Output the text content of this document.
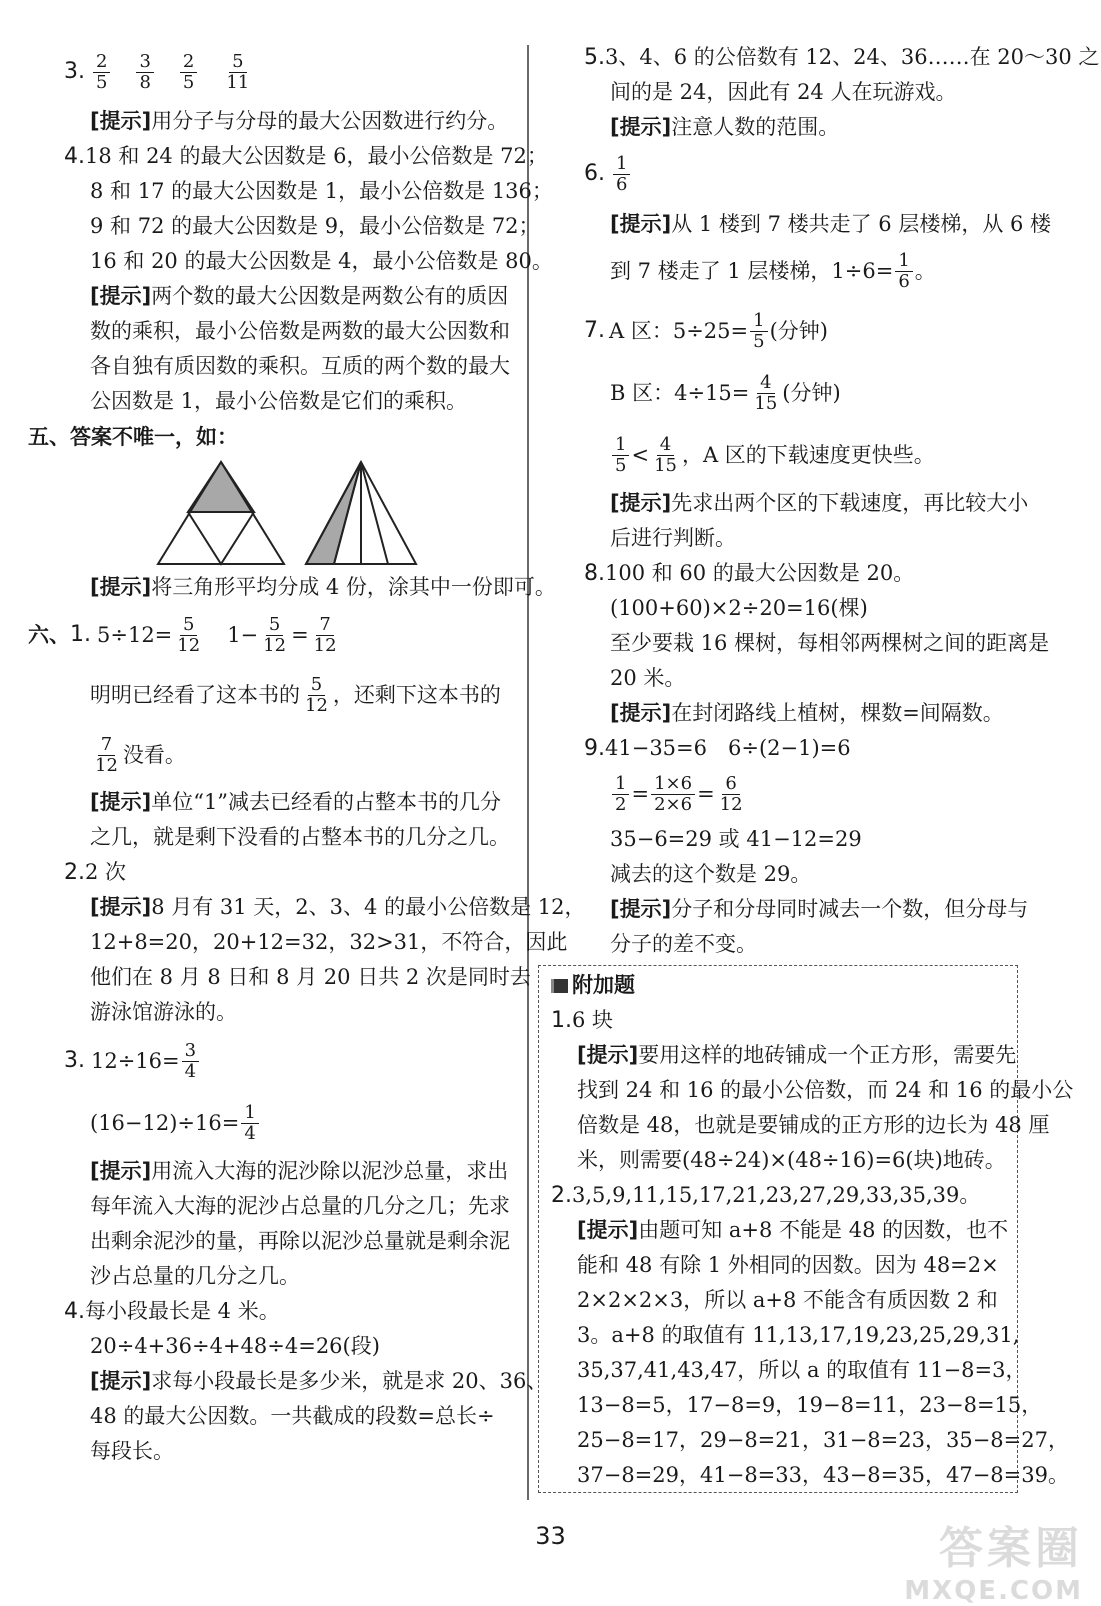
3. $\frac{2}{5} \frac{3}{8} \frac{2}{5} \frac{5}{11}$
[提示]用分子与分母的最大公因数进行约分。
4.18 和 24 的最大公因数是 6，最小公倍数是 72；
8 和 17 的最大公因数是 1，最小公倍数是 136；
9 和 72 的最大公因数是 9，最小公倍数是 72；
16 和 20 的最大公因数是 4，最小公倍数是 80。
[提示]两个数的最大公因数是两数公有的质因
数的乘积，最小公倍数是两数的最大公因数和
各自独有质因数的乘积。互质的两个数的最大
公因数是 1，最小公倍数是它们的乘积。
五、答案不唯一，如：
[提示]将三角形平均分成 4 份，涂其中一份即可。
六、 1. $5\div 12= \frac{5}{12} 1- \frac{5}{12} = \frac{7}{12}$
明明已经看了这本书的 $\frac{5}{12}$ ，还剩下这本书的
$\frac{7}{12}$ 没看。
[提示]单位“1”减去已经看的占整本书的几分
之几，就是剩下没看的占整本书的几分之几。
2.2 次
[提示]8 月有 31 天，2、3、4 的最小公倍数是 12，
12+8=20，20+12=32，32>31，不符合，因此
他们在 8 月 8 日和 8 月 20 日共 2 次是同时去
游泳馆游泳的。
3. $12\div 16= \frac{3}{4}$
$(16-12)\div 16= \frac{1}{4}$
[提示]用流入大海的泥沙除以泥沙总量，求出
每年流入大海的泥沙占总量的几分之几；先求
出剩余泥沙的量，再除以泥沙总量就是剩余泥
沙占总量的几分之几。
4.每小段最长是 4 米。
20÷4+36÷4+48÷4=26(段)
[提示]求每小段最长是多少米，就是求 20、36、
48 的最大公因数。一共截成的段数=总长÷
每段长。
5.3、4、6 的公倍数有 12、24、36……在 20～30 之
间的是 24，因此有 24 人在玩游戏。
[提示]注意人数的范围。
6. $\frac{1}{6}$
[提示]从 1 楼到 7 楼共走了 6 层楼梯，从 6 楼
到 7 楼走了 1 层楼梯，$1\div 6= \frac{1}{6}$ 。
7. A 区：$5\div 25= \frac{1}{5}$ (分钟)
B 区：$4\div 15= \frac{4}{15}$ (分钟)
$\frac{1}{5} < \frac{4}{15}$ ，A 区的下载速度更快些。
[提示]先求出两个区的下载速度，再比较大小
后进行判断。
8.100 和 60 的最大公因数是 20。
(100+60)×2÷20=16(棵)
至少要栽 16 棵树，每相邻两棵树之间的距离是
20 米。
[提示]在封闭路线上植树，棵数=间隔数。
9.41−35=6　6÷(2−1)=6
$\frac{1}{2} = \frac{1\times 6}{2\times 6} = \frac{6}{12}$
35−6=29 或 41−12=29
减去的这个数是 29。
[提示]分子和分母同时减去一个数，但分母与
分子的差不变。
附加题
1.6 块
[提示]要用这样的地砖铺成一个正方形，需要先
找到 24 和 16 的最小公倍数，而 24 和 16 的最小公
倍数是 48，也就是要铺成的正方形的边长为 48 厘
米，则需要(48÷24)×(48÷16)=6(块)地砖。
2.3,5,9,11,15,17,21,23,27,29,33,35,39。
[提示]由题可知 a+8 不能是 48 的因数，也不
能和 48 有除 1 外相同的因数。因为 48=2×
2×2×2×3，所以 a+8 不能含有质因数 2 和
3。a+8 的取值有 11,13,17,19,23,25,29,31,
35,37,41,43,47，所以 a 的取值有 11−8=3，
13−8=5，17−8=9，19−8=11，23−8=15，
25−8=17，29−8=21，31−8=23，35−8=27，
37−8=29，41−8=33，43−8=35，47−8=39。
33	答案圈
MXQE.COM
